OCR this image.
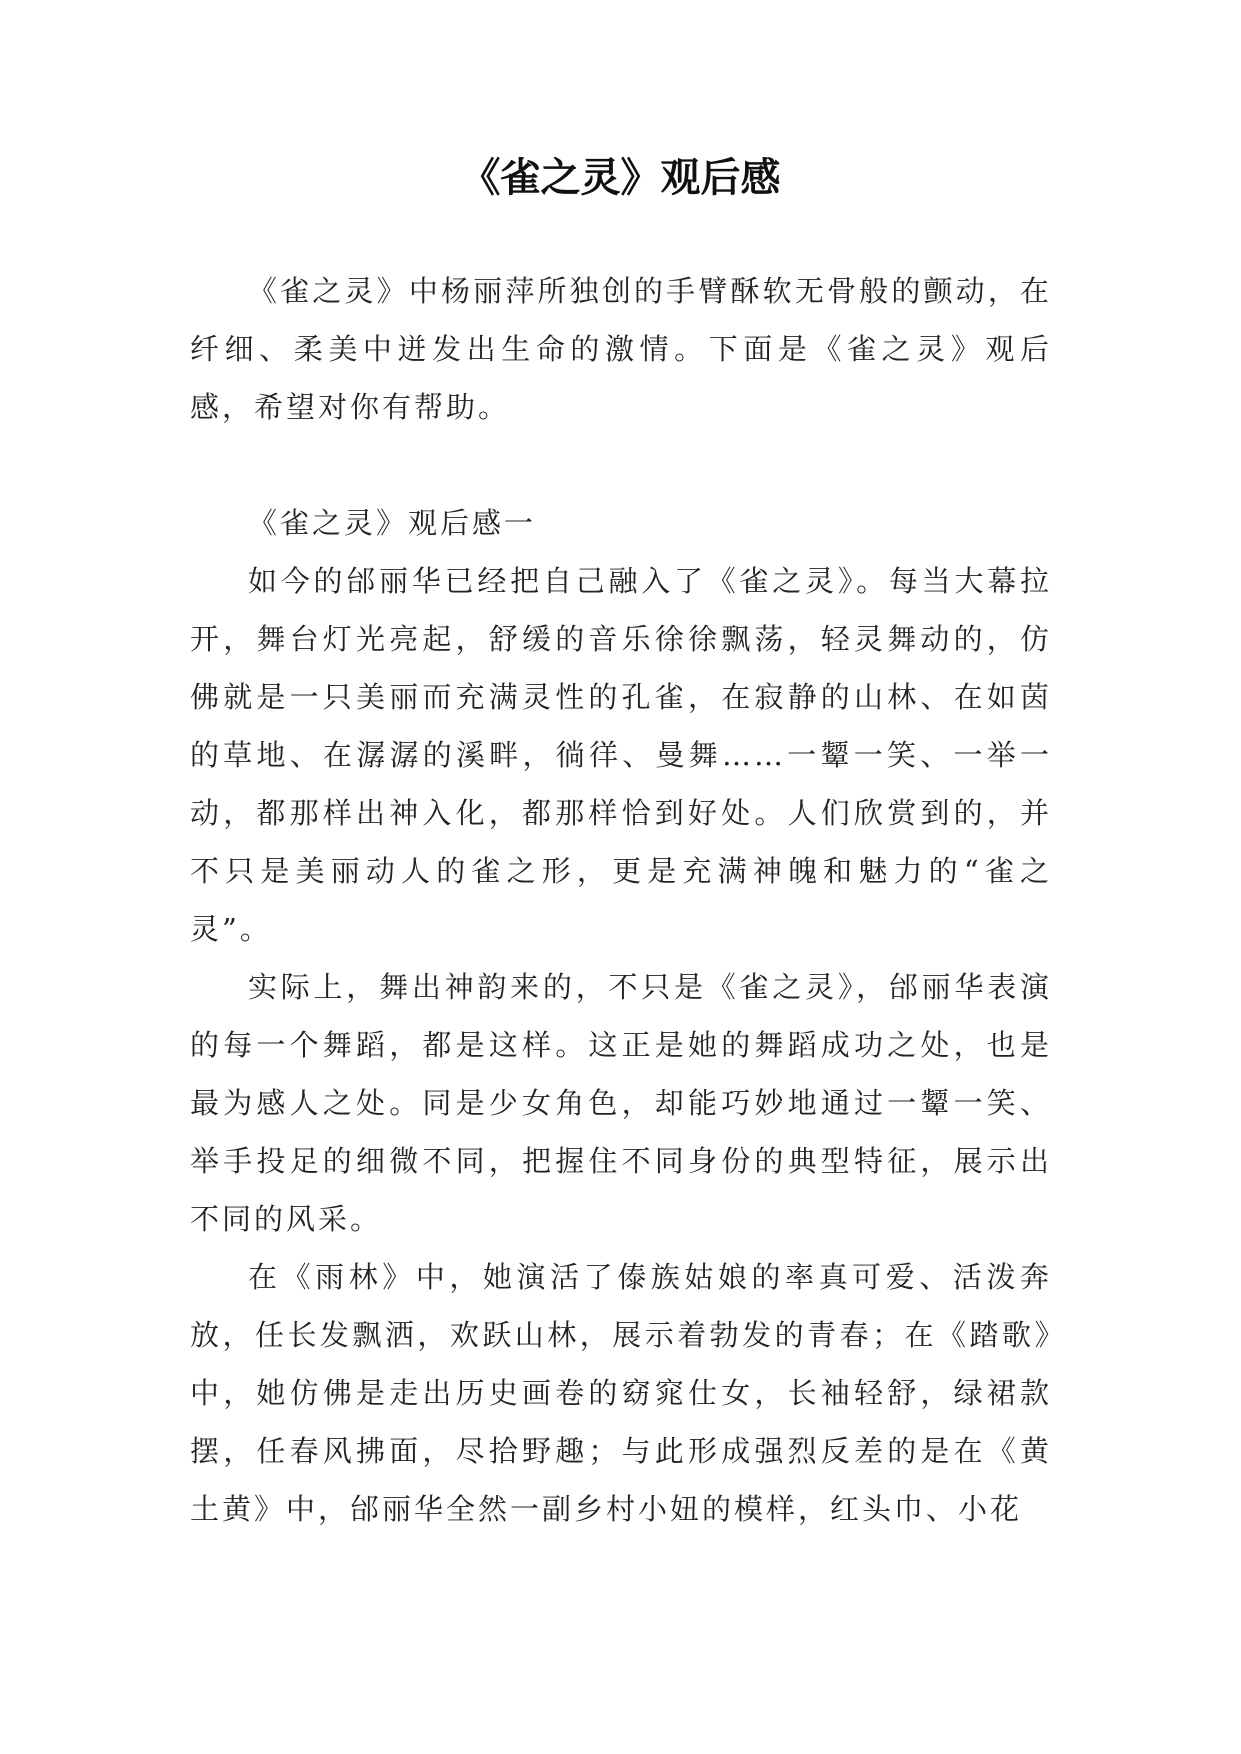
《雀之灵》观后感

《雀之灵》中杨丽萍所独创的手臂酥软无骨般的颤动，在纤细、柔美中迸发出生命的激情。下面是《雀之灵》观后感，希望对你有帮助。

《雀之灵》观后感一

如今的邰丽华已经把自己融入了《雀之灵》。每当大幕拉开，舞台灯光亮起，舒缓的音乐徐徐飘荡，轻灵舞动的，仿佛就是一只美丽而充满灵性的孔雀，在寂静的山林、在如茵的草地、在潺潺的溪畔，徜徉、曼舞……一颦一笑、一举一动，都那样出神入化，都那样恰到好处。人们欣赏到的，并不只是美丽动人的雀之形，更是充满神魄和魅力的“雀之灵”。

实际上，舞出神韵来的，不只是《雀之灵》，邰丽华表演的每一个舞蹈，都是这样。这正是她的舞蹈成功之处，也是最为感人之处。同是少女角色，却能巧妙地通过一颦一笑、举手投足的细微不同，把握住不同身份的典型特征，展示出不同的风采。

在《雨林》中，她演活了傣族姑娘的率真可爱、活泼奔放，任长发飘洒，欢跃山林，展示着勃发的青春；在《踏歌》中，她仿佛是走出历史画卷的窈窕仕女，长袖轻舒，绿裙款摆，任春风拂面，尽拾野趣；与此形成强烈反差的是在《黄土黄》中，邰丽华全然一副乡村小妞的模样，红头巾、小花
